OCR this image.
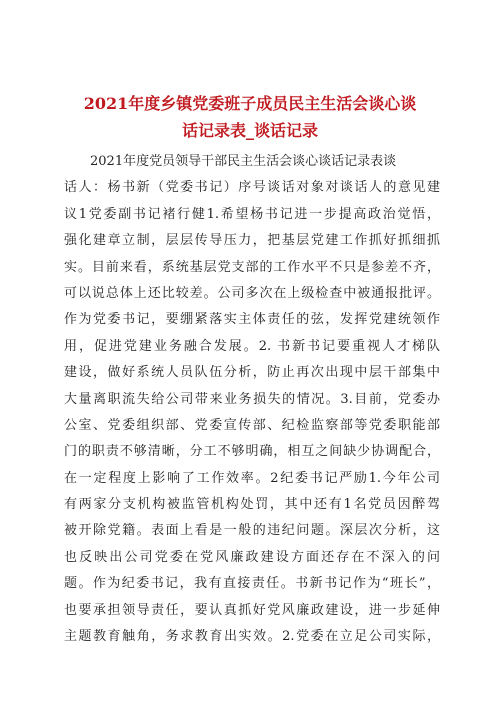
2021年度乡镇党委班子成员民主生活会谈心谈
话记录表_谈话记录
2021年度党员领导干部民主生活会谈心谈话记录表谈
话人：杨书新（党委书记）序号谈话对象对谈话人的意见建
议1党委副书记褚行健1.希望杨书记进一步提高政治觉悟，
强化建章立制，层层传导压力，把基层党建工作抓好抓细抓
实。目前来看，系统基层党支部的工作水平不只是参差不齐，
可以说总体上还比较差。公司多次在上级检查中被通报批评。
作为党委书记，要绷紧落实主体责任的弦，发挥党建统领作
用，促进党建业务融合发展。2. 书新书记要重视人才梯队
建设，做好系统人员队伍分析，防止再次出现中层干部集中
大量离职流失给公司带来业务损失的情况。3.目前，党委办
公室、党委组织部、党委宣传部、纪检监察部等党委职能部
门的职责不够清晰，分工不够明确，相互之间缺少协调配合，
在一定程度上影响了工作效率。2纪委书记严励1.今年公司
有两家分支机构被监管机构处罚，其中还有1名党员因醉驾
被开除党籍。表面上看是一般的违纪问题。深层次分析，这
也反映出公司党委在党风廉政建设方面还存在不深入的问
题。作为纪委书记，我有直接责任。书新书记作为“班长”，
也要承担领导责任，要认真抓好党风廉政建设，进一步延伸
主题教育触角，务求教育出实效。2.党委在立足公司实际，
